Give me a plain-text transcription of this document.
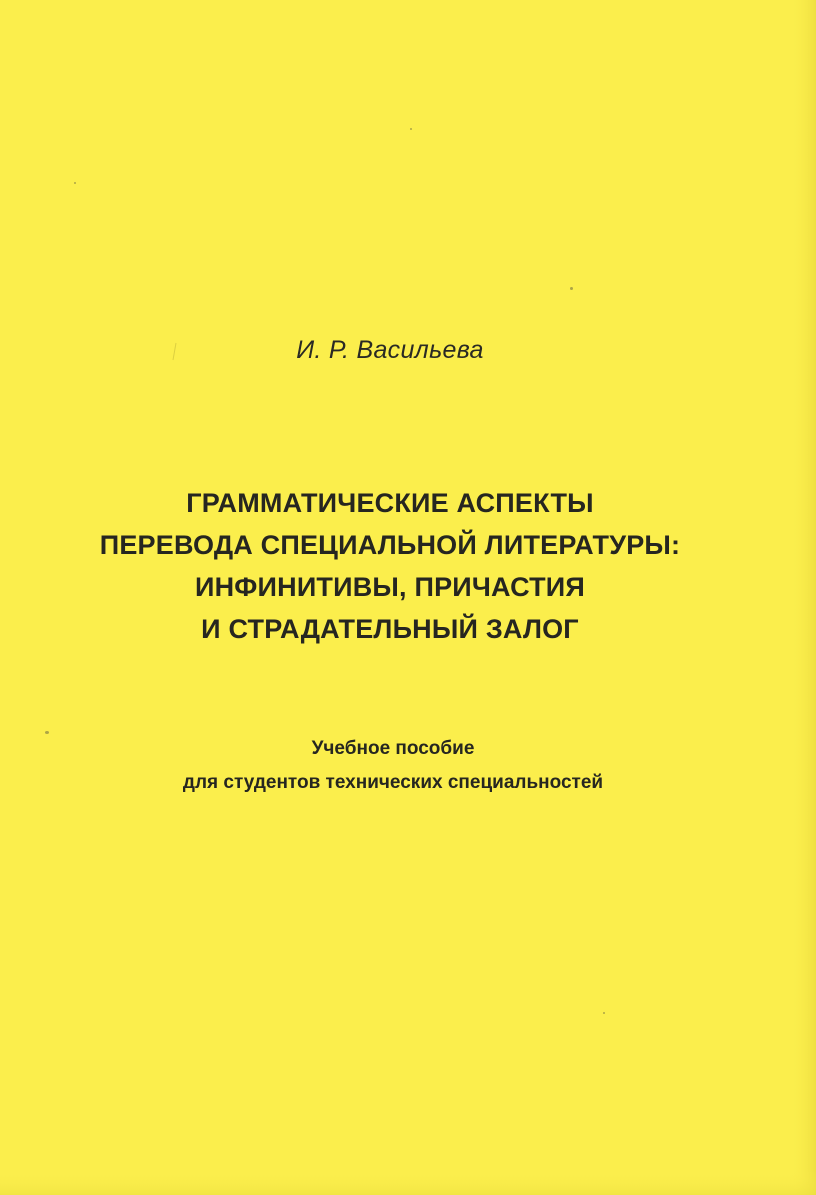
И. Р. Васильева
ГРАММАТИЧЕСКИЕ АСПЕКТЫ
ПЕРЕВОДА СПЕЦИАЛЬНОЙ ЛИТЕРАТУРЫ:
ИНФИНИТИВЫ, ПРИЧАСТИЯ
И СТРАДАТЕЛЬНЫЙ ЗАЛОГ
Учебное пособие
для студентов технических специальностей
